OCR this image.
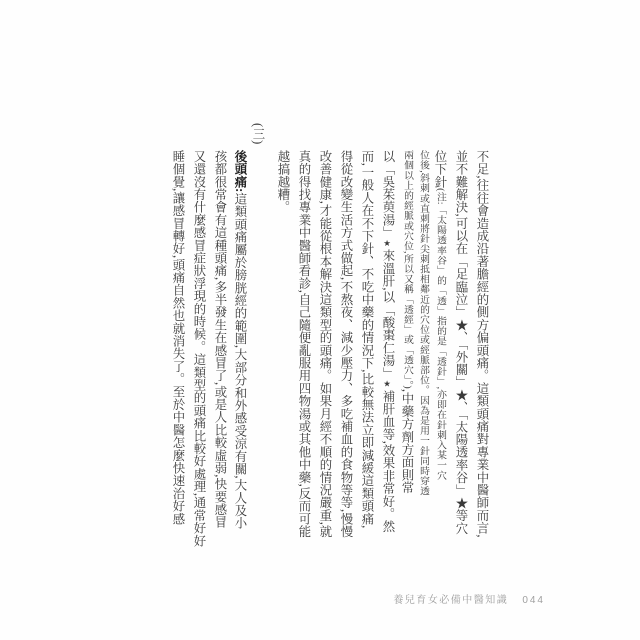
不足,往往會造成沿著膽經的側方偏頭痛。這類頭痛對專業中醫師而言,
並不難解決,可以在「足臨泣」★、「外關」★、「太陽透率谷」★等穴
位下針(注:「太陽透率谷」的「透」指的是「透針」,亦即在針刺入某一穴
位後,斜刺或直刺將針尖刺抵相鄰近的穴位或經脈部位。因為是用一針同時穿透
兩個以上的經脈或穴位,所以又稱「透經」或「透穴」。),中藥方劑方面則常
以「吳茱萸湯」★來溫肝,以「酸棗仁湯」★補肝血等,效果非常好。然
而,一般人在不下針、不吃中藥的情況下,比較無法立即減緩這類頭痛,
得從改變生活方式做起,不熬夜、減少壓力、多吃補血的食物等等,慢慢
改善健康,才能從根本解決這類型的頭痛。如果月經不順的情況嚴重,就
真的得找專業中醫師看診,自己隨便亂服用四物湯或其他中藥,反而可能
越搞越糟。
(三)
後頭痛:這類頭痛屬於膀胱經的範圍,大部分和外感受涼有關,大人及小
孩都很常會有這種頭痛,多半發生在感冒了,或是人比較虛弱,快要感冒
又還沒有什麼感冒症狀浮現的時候。這類型的頭痛比較好處理,通常好好
睡個覺,讓感冒轉好,頭痛自然也就消失了。至於中醫怎麼快速治好感
養兒育女必備中醫知識 044
